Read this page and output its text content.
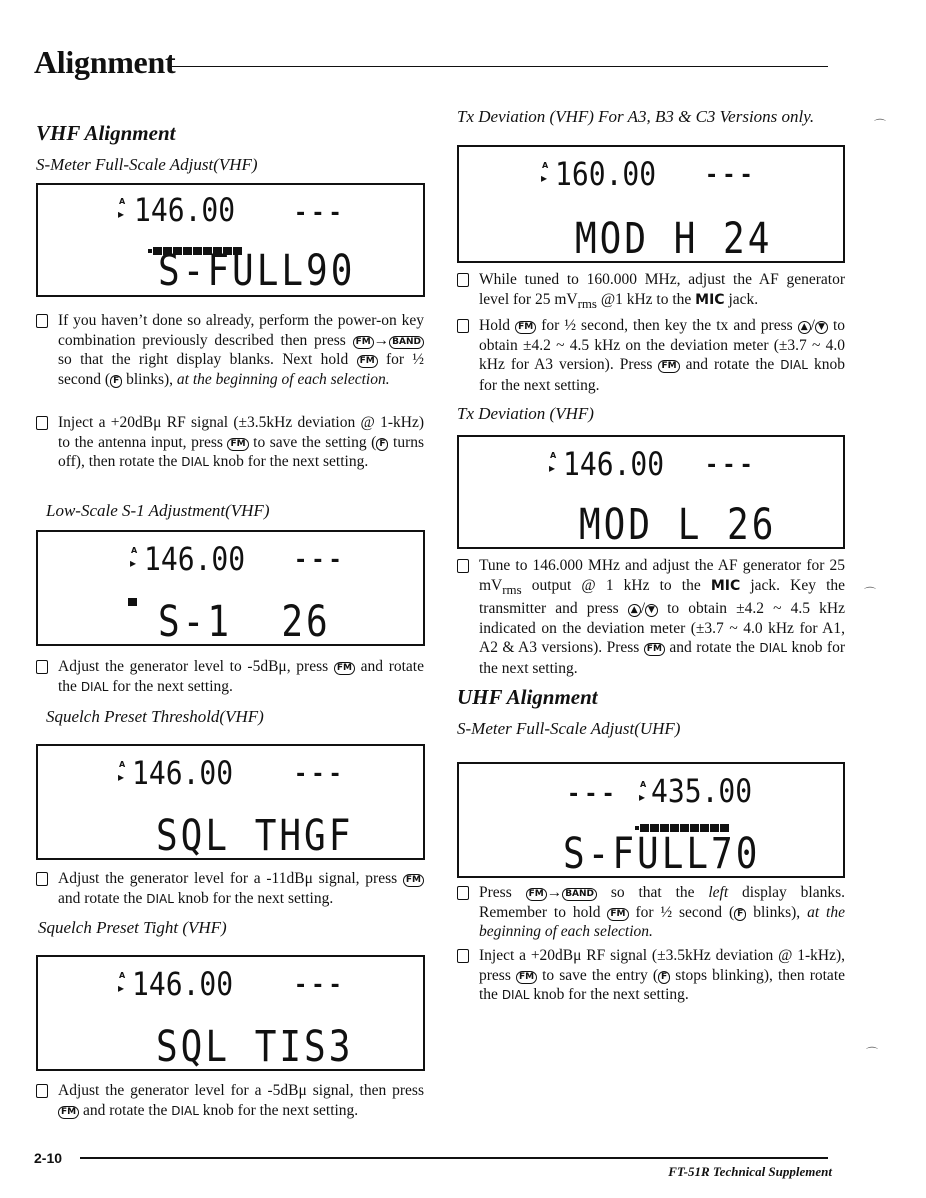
Alignment
VHF Alignment
S-Meter Full-Scale Adjust(VHF)
A
▸ 146.00	---
S-FULL90
If you haven’t done so already, perform the power-on key combination previously described then press FM → BAND so that the right display blanks. Next hold FM for ½ second ( F blinks), at the beginning of each selection.
Inject a +20dBμ RF signal (±3.5kHz deviation @ 1-kHz) to the antenna input, press FM to save the setting ( F turns off), then rotate the DIAL knob for the next setting.
Low-Scale S-1 Adjustment(VHF)
A
▸ 146.00 ---
S-1  26
Adjust the generator level to -5dBμ, press FM and rotate the DIAL for the next setting.
Squelch Preset Threshold(VHF)
A
▸ 146.00	---
SQL THGF
Adjust the generator level for a -11dBμ signal, press FM and rotate the DIAL knob for the next setting.
Squelch Preset Tight (VHF)
A
▸ 146.00	---
SQL TIS3
Adjust the generator level for a -5dBμ signal, then press FM and rotate the DIAL knob for the next setting.
Tx Deviation (VHF) For A3, B3 & C3 Versions only.
A
▸ 160.00 ---
MOD H 24
While tuned to 160.000 MHz, adjust the AF generator level for 25 $mV_{rms}$ @1 kHz to the MIC jack.
Hold FM for ½ second, then key the tx and press ▲ / ▼ to obtain ±4.2 ~ 4.5 kHz on the deviation meter (±3.7 ~ 4.0 kHz for A3 version). Press FM and rotate the DIAL knob for the next setting.
Tx Deviation (VHF)
A
▸ 146.00 ---
MOD L 26
Tune to 146.000 MHz and adjust the AF generator for 25 $mV_{rms}$ output @ 1 kHz to the MIC jack. Key the transmitter and press ▲ / ▼ to obtain ±4.2 ~ 4.5 kHz indicated on the deviation meter (±3.7 ~ 4.0 kHz for A1, A2 & A3 versions). Press FM and rotate the DIAL knob for the next setting.
UHF Alignment
S-Meter Full-Scale Adjust(UHF)
---	A
▸ 435.00
S-FULL70
Press FM → BAND so that the left display blanks. Remember to hold FM for ½ second ( F blinks), at the beginning of each selection.
Inject a +20dBμ RF signal (±3.5kHz deviation @ 1-kHz), press FM to save the entry ( F stops blinking), then rotate the DIAL knob for the next setting.
⌒
⌒
⌒
2-10
FT-51R Technical Supplement
